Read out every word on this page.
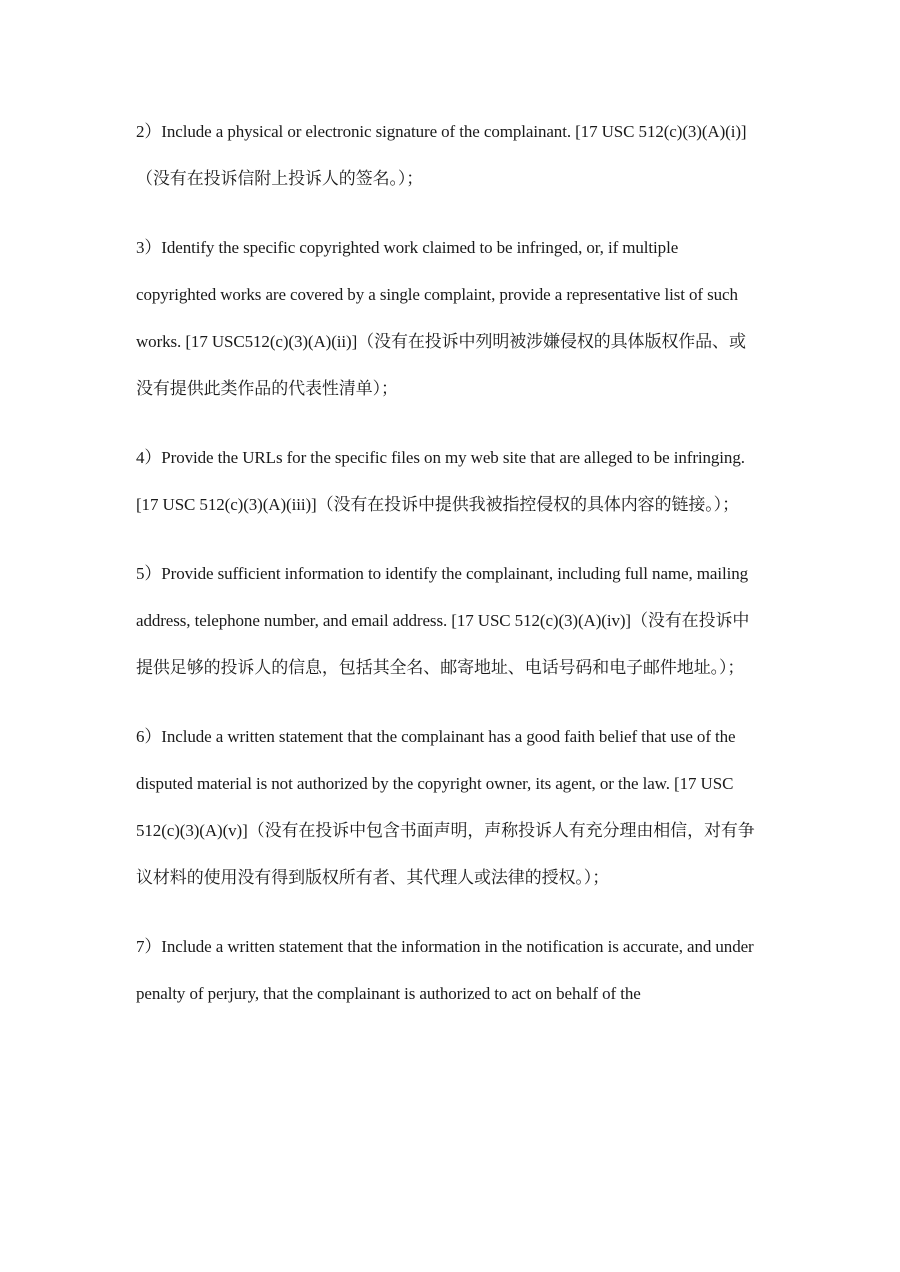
2）Include a physical or electronic signature of the complainant. [17 USC 512(c)(3)(A)(i)]（没有在投诉信附上投诉人的签名。）；

3）Identify the specific copyrighted work claimed to be infringed, or, if multiple copyrighted works are covered by a single complaint, provide a representative list of such works. [17 USC512(c)(3)(A)(ii)]（没有在投诉中列明被涉嫌侵权的具体版权作品、或没有提供此类作品的代表性清单）；

4）Provide the URLs for the specific files on my web site that are alleged to be infringing. [17 USC 512(c)(3)(A)(iii)]（没有在投诉中提供我被指控侵权的具体内容的链接。）；

5）Provide sufficient information to identify the complainant, including full name, mailing address, telephone number, and email address. [17 USC 512(c)(3)(A)(iv)]（没有在投诉中提供足够的投诉人的信息，包括其全名、邮寄地址、电话号码和电子邮件地址。）；

6）Include a written statement that the complainant has a good faith belief that use of the disputed material is not authorized by the copyright owner, its agent, or the law. [17 USC 512(c)(3)(A)(v)]（没有在投诉中包含书面声明，声称投诉人有充分理由相信，对有争议材料的使用没有得到版权所有者、其代理人或法律的授权。）；

7）Include a written statement that the information in the notification is accurate, and under penalty of perjury, that the complainant is authorized to act on behalf of the
